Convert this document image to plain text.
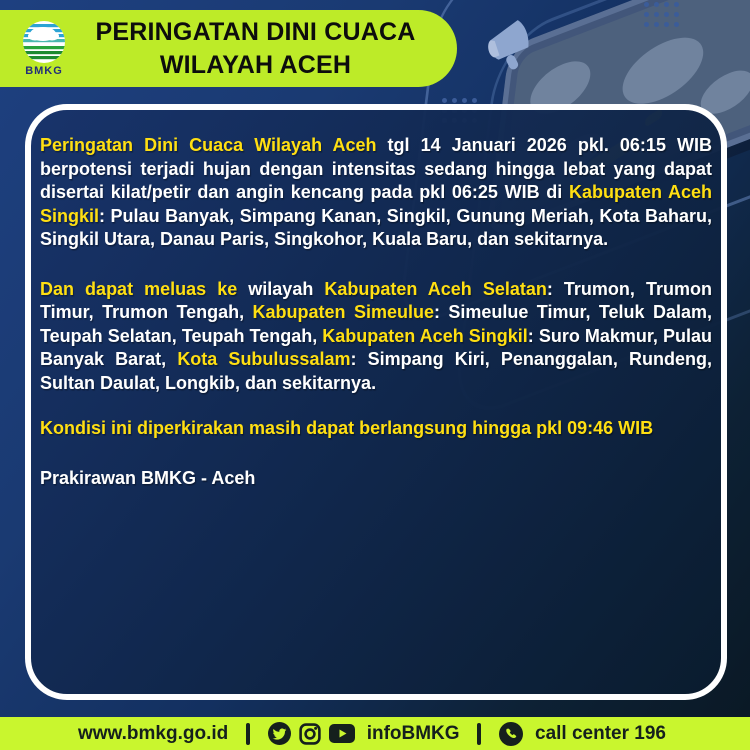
BMKG
PERINGATAN DINI CUACA
WILAYAH ACEH

Peringatan Dini Cuaca Wilayah Aceh tgl 14 Januari 2026 pkl. 06:15 WIB berpotensi terjadi hujan dengan intensitas sedang hingga lebat yang dapat disertai kilat/petir dan angin kencang pada pkl 06:25 WIB di Kabupaten Aceh Singkil: Pulau Banyak, Simpang Kanan, Singkil, Gunung Meriah, Kota Baharu, Singkil Utara, Danau Paris, Singkohor, Kuala Baru, dan sekitarnya.

Dan dapat meluas ke wilayah Kabupaten Aceh Selatan: Trumon, Trumon Timur, Trumon Tengah, Kabupaten Simeulue: Simeulue Timur, Teluk Dalam, Teupah Selatan, Teupah Tengah, Kabupaten Aceh Singkil: Suro Makmur, Pulau Banyak Barat, Kota Subulussalam: Simpang Kiri, Penanggalan, Rundeng, Sultan Daulat, Longkib, dan sekitarnya.

Kondisi ini diperkirakan masih dapat berlangsung hingga pkl 09:46 WIB

Prakirawan BMKG - Aceh

www.bmkg.go.id	infoBMKG	call center 196
